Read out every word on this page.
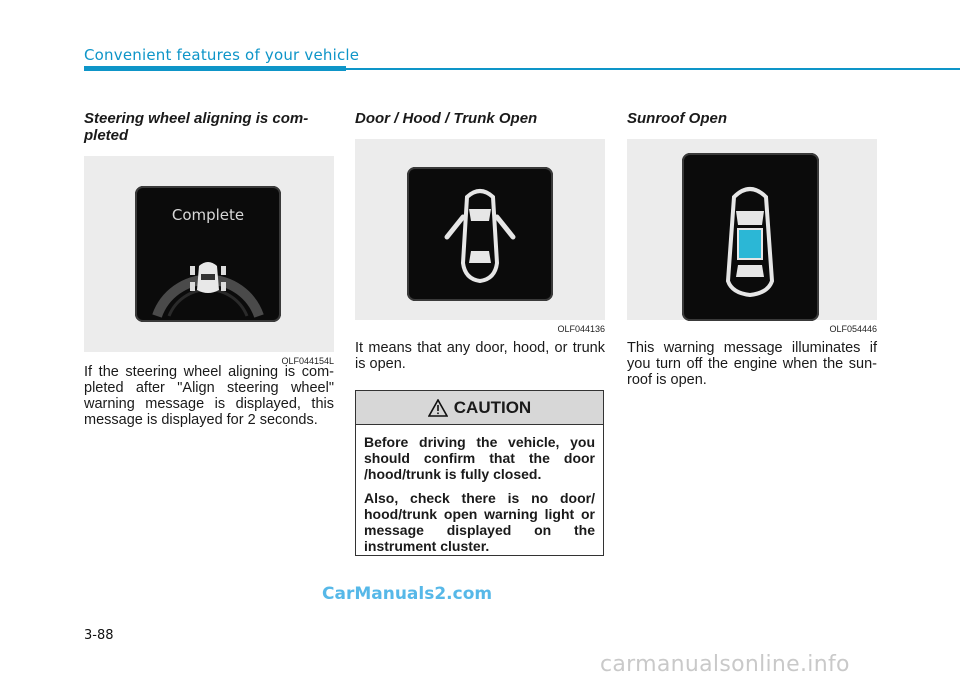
Convenient features of your vehicle
Steering wheel aligning is com-
pleted
Complete
OLF044154L

If the steering wheel aligning is com-pleted after "Align steering wheel" warning message is displayed, this message is displayed for 2 seconds.

Door / Hood / Trunk Open
OLF044136

It means that any door, hood, or trunk is open.

Sunroof Open
OLF054446

This warning message illuminates if you turn off the engine when the sun-roof is open.

CAUTION

Before driving the vehicle, you should confirm that the door /hood/trunk is fully closed.

Also, check there is no door/ hood/trunk open warning light or message displayed on the instrument cluster.

CarManuals2.com
3-88
carmanualsonline.info
